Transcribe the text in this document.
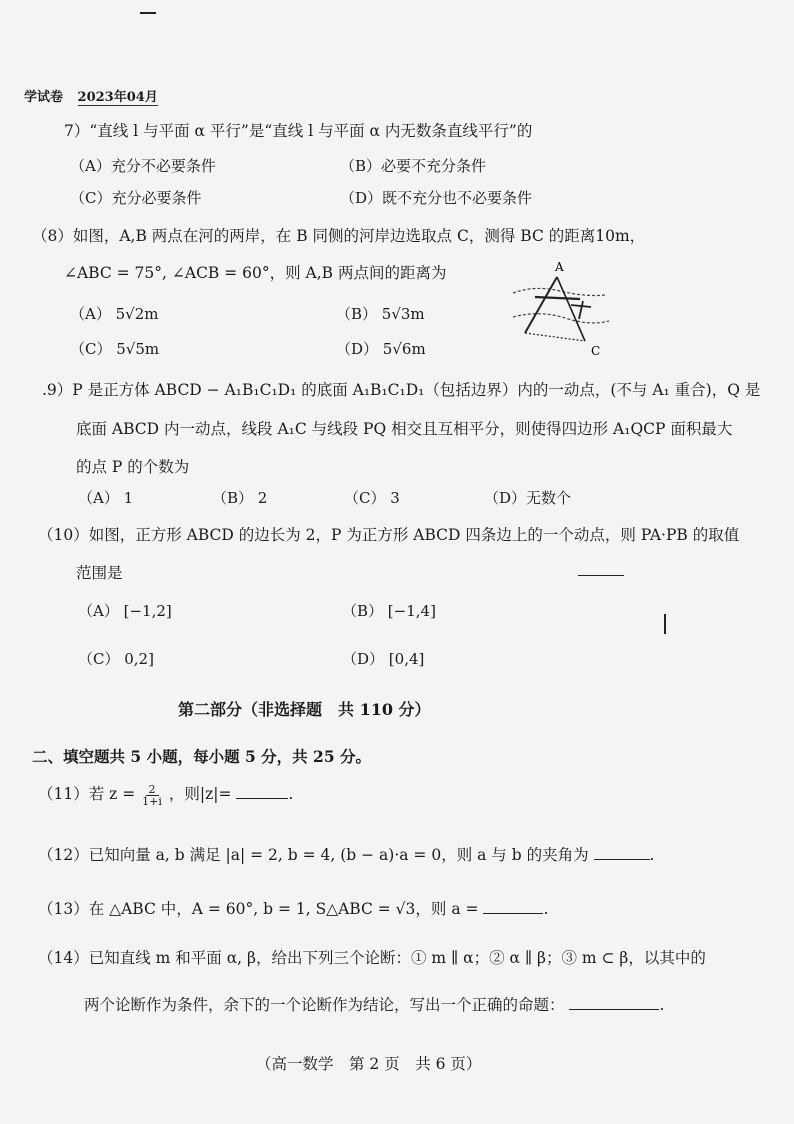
学试卷 2023年04月
7）“直线 l 与平面 α 平行”是“直线 l 与平面 α 内无数条直线平行”的
（A）充分不必要条件	（B）必要不充分条件
（C）充分必要条件	（D）既不充分也不必要条件
（8）如图，A,B 两点在河的两岸，在 B 同侧的河岸边选取点 C，测得 BC 的距离10m，
∠ABC = 75°, ∠ACB = 60°，则 A,B 两点间的距离为
（A） 5√2m	（B） 5√3m
（C） 5√5m	（D） 5√6m
A
C
.9）P 是正方体 ABCD − A₁B₁C₁D₁ 的底面 A₁B₁C₁D₁（包括边界）内的一动点，(不与 A₁ 重合)，Q 是
底面 ABCD 内一动点，线段 A₁C 与线段 PQ 相交且互相平分，则使得四边形 A₁QCP 面积最大
的点 P 的个数为
（A） 1	（B） 2	（C） 3	（D）无数个
（10）如图，正方形 ABCD 的边长为 2，P 为正方形 ABCD 四条边上的一个动点，则 PA·PB 的取值
范围是
（A） [−1,2]	（B） [−1,4]
（C） 0,2]	（D） [0,4]
第二部分（非选择题　共 110 分）
二、填空题共 5 小题，每小题 5 分，共 25 分。
（11）若 $z = \frac{2}{1+i}$ ，则|z|=	.
（12）已知向量 a, b 满足 |a| = 2, b = 4, (b − a)·a = 0，则 a 与 b 的夹角为	.
（13）在 △ABC 中，A = 60°, b = 1, S△ABC = √3，则 a =	.
（14）已知直线 m 和平面 α, β，给出下列三个论断：① m ∥ α；② α ∥ β；③ m ⊂ β，以其中的
两个论断作为条件，余下的一个论断作为结论，写出一个正确的命题：	.
（高一数学　第 2 页　共 6 页）
